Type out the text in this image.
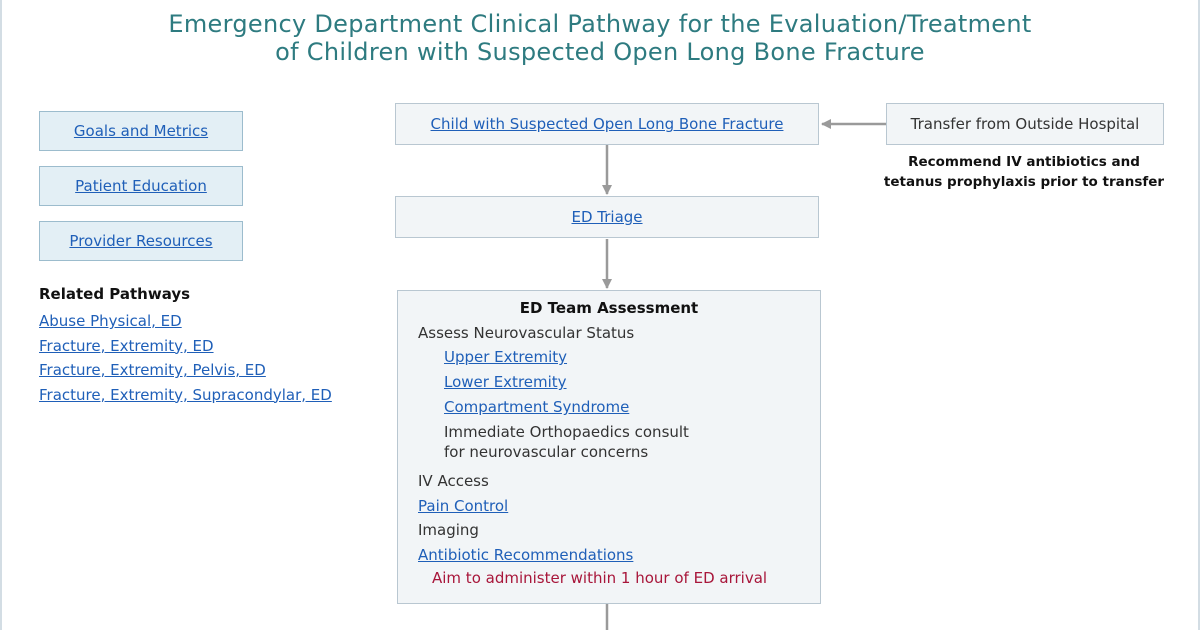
Emergency Department Clinical Pathway for the Evaluation/Treatment
of Children with Suspected Open Long Bone Fracture
Goals and Metrics
Patient Education
Provider Resources
Related Pathways
Abuse Physical, ED
Fracture, Extremity, ED
Fracture, Extremity, Pelvis, ED
Fracture, Extremity, Supracondylar, ED
Child with Suspected Open Long Bone Fracture	Transfer from Outside Hospital
Recommend IV antibiotics and
tetanus prophylaxis prior to transfer
ED Triage
ED Team Assessment
Assess Neurovascular Status
Upper Extremity
Lower Extremity
Compartment Syndrome
Immediate Orthopaedics consult
for neurovascular concerns
IV Access
Pain Control
Imaging
Antibiotic Recommendations
Aim to administer within 1 hour of ED arrival
